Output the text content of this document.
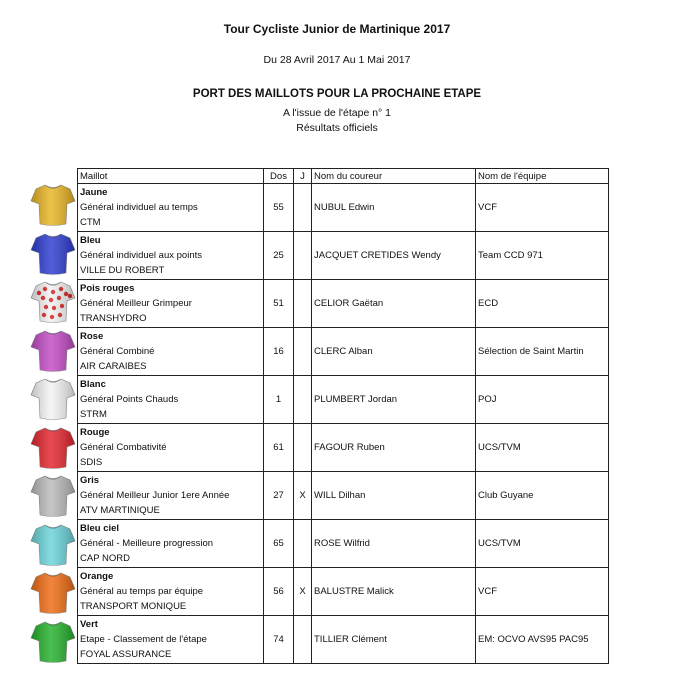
Tour Cycliste Junior de Martinique 2017
Du 28 Avril 2017 Au 1 Mai 2017
PORT DES MAILLOTS POUR LA PROCHAINE ETAPE
A l'issue de l'étape n° 1
Résultats officiels
Maillot	Dos	J	Nom du coureur	Nom de l'équipe

Jaune
Général individuel au temps
CTM	55		NUBUL Edwin	VCF

Bleu
Général individuel aux points
VILLE DU ROBERT	25		JACQUET CRETIDES Wendy	Team CCD 971

Pois rouges
Général Meilleur Grimpeur
TRANSHYDRO	51		CELIOR Gaëtan	ECD

Rose
Général Combiné
AIR CARAIBES	16		CLERC Alban	Sélection de Saint Martin

Blanc
Général Points Chauds
STRM	1		PLUMBERT Jordan	POJ

Rouge
Général Combativité
SDIS	61		FAGOUR Ruben	UCS/TVM

Gris
Général Meilleur Junior 1ere Année
ATV MARTINIQUE	27	X	WILL Dilhan	Club Guyane

Bleu ciel
Général - Meilleure progression
CAP NORD	65		ROSE Wilfrid	UCS/TVM

Orange
Général au temps par équipe
TRANSPORT MONIQUE	56	X	BALUSTRE Malick	VCF

Vert
Etape - Classement de l'étape
FOYAL ASSURANCE	74		TILLIER Clément	EM: OCVO AVS95 PAC95
